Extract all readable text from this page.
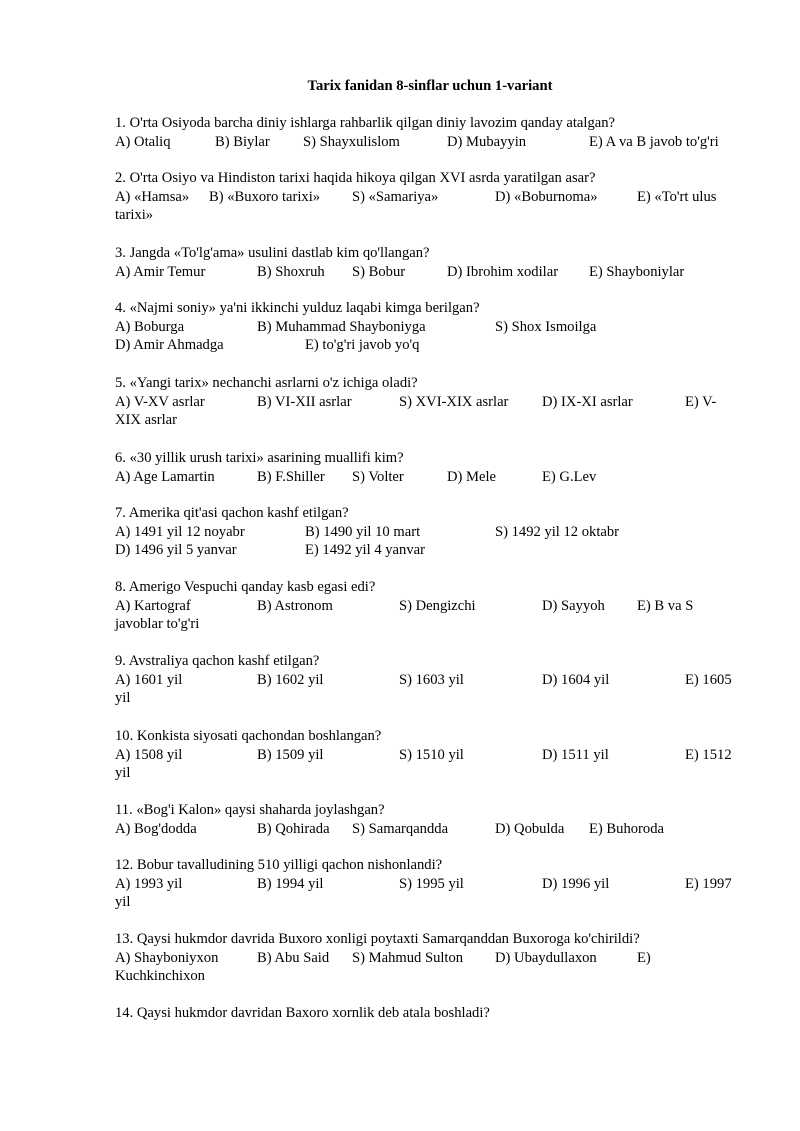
Tarix fanidan 8-sinflar uchun 1-variant
1. O'rta Osiyoda barcha diniy ishlarga rahbarlik qilgan diniy lavozim qanday atalgan?
A) Otaliq	B) Biylar S) Shayxulislom	D) Mubayyin	E) A va B javob to'g'ri
2. O'rta Osiyo va Hindiston tarixi haqida hikoya qilgan XVI asrda yaratilgan asar?
A) «Hamsa» B) «Buxoro tarixi» S) «Samariya»	D) «Boburnoma»	E) «To'rt ulus
tarixi»
3. Jangda «To'lg'ama» usulini dastlab kim qo'llangan?
A) Amir Temur	B) Shoxruh S) Bobur	D) Ibrohim xodilar E) Shayboniylar
4. «Najmi soniy» ya'ni ikkinchi yulduz laqabi kimga berilgan?
A) Boburga	B) Muhammad Shayboniyga	S) Shox Ismoilga
D) Amir Ahmadga	E) to'g'ri javob yo'q
5. «Yangi tarix» nechanchi asrlarni o'z ichiga oladi?
A) V-XV asrlar	B) VI-XII asrlar	S) XVI-XIX asrlar D) IX-XI asrlar	E) V-
XIX asrlar
6. «30 yillik urush tarixi» asarining muallifi kim?
A) Age Lamartin	B) F.Shiller S) Volter	D) Mele	E) G.Lev
7. Amerika qit'asi qachon kashf etilgan?
A) 1491 yil 12 noyabr	B) 1490 yil 10 mart	S) 1492 yil 12 oktabr
D) 1496 yil 5 yanvar	E) 1492 yil 4 yanvar
8. Amerigo Vespuchi qanday kasb egasi edi?
A) Kartograf	B) Astronom	S) Dengizchi	D) Sayyoh E) B va S
javoblar to'g'ri
9. Avstraliya qachon kashf etilgan?
A) 1601 yil	B) 1602 yil	S) 1603 yil	D) 1604 yil	E) 1605
yil
10. Konkista siyosati qachondan boshlangan?
A) 1508 yil	B) 1509 yil	S) 1510 yil	D) 1511 yil	E) 1512
yil
11. «Bog'i Kalon» qaysi shaharda joylashgan?
A) Bog'dodda	B) Qohirada S) Samarqandda	D) Qobulda E) Buhoroda
12. Bobur tavalludining 510 yilligi qachon nishonlandi?
A) 1993 yil	B) 1994 yil	S) 1995 yil	D) 1996 yil	E) 1997
yil
13. Qaysi hukmdor davrida Buxoro xonligi poytaxti Samarqanddan Buxoroga ko'chirildi?
A) Shayboniyxon	B) Abu Said S) Mahmud Sulton D) Ubaydullaxon	E)
Kuchkinchixon
14. Qaysi hukmdor davridan Baxoro xornlik deb atala boshladi?
